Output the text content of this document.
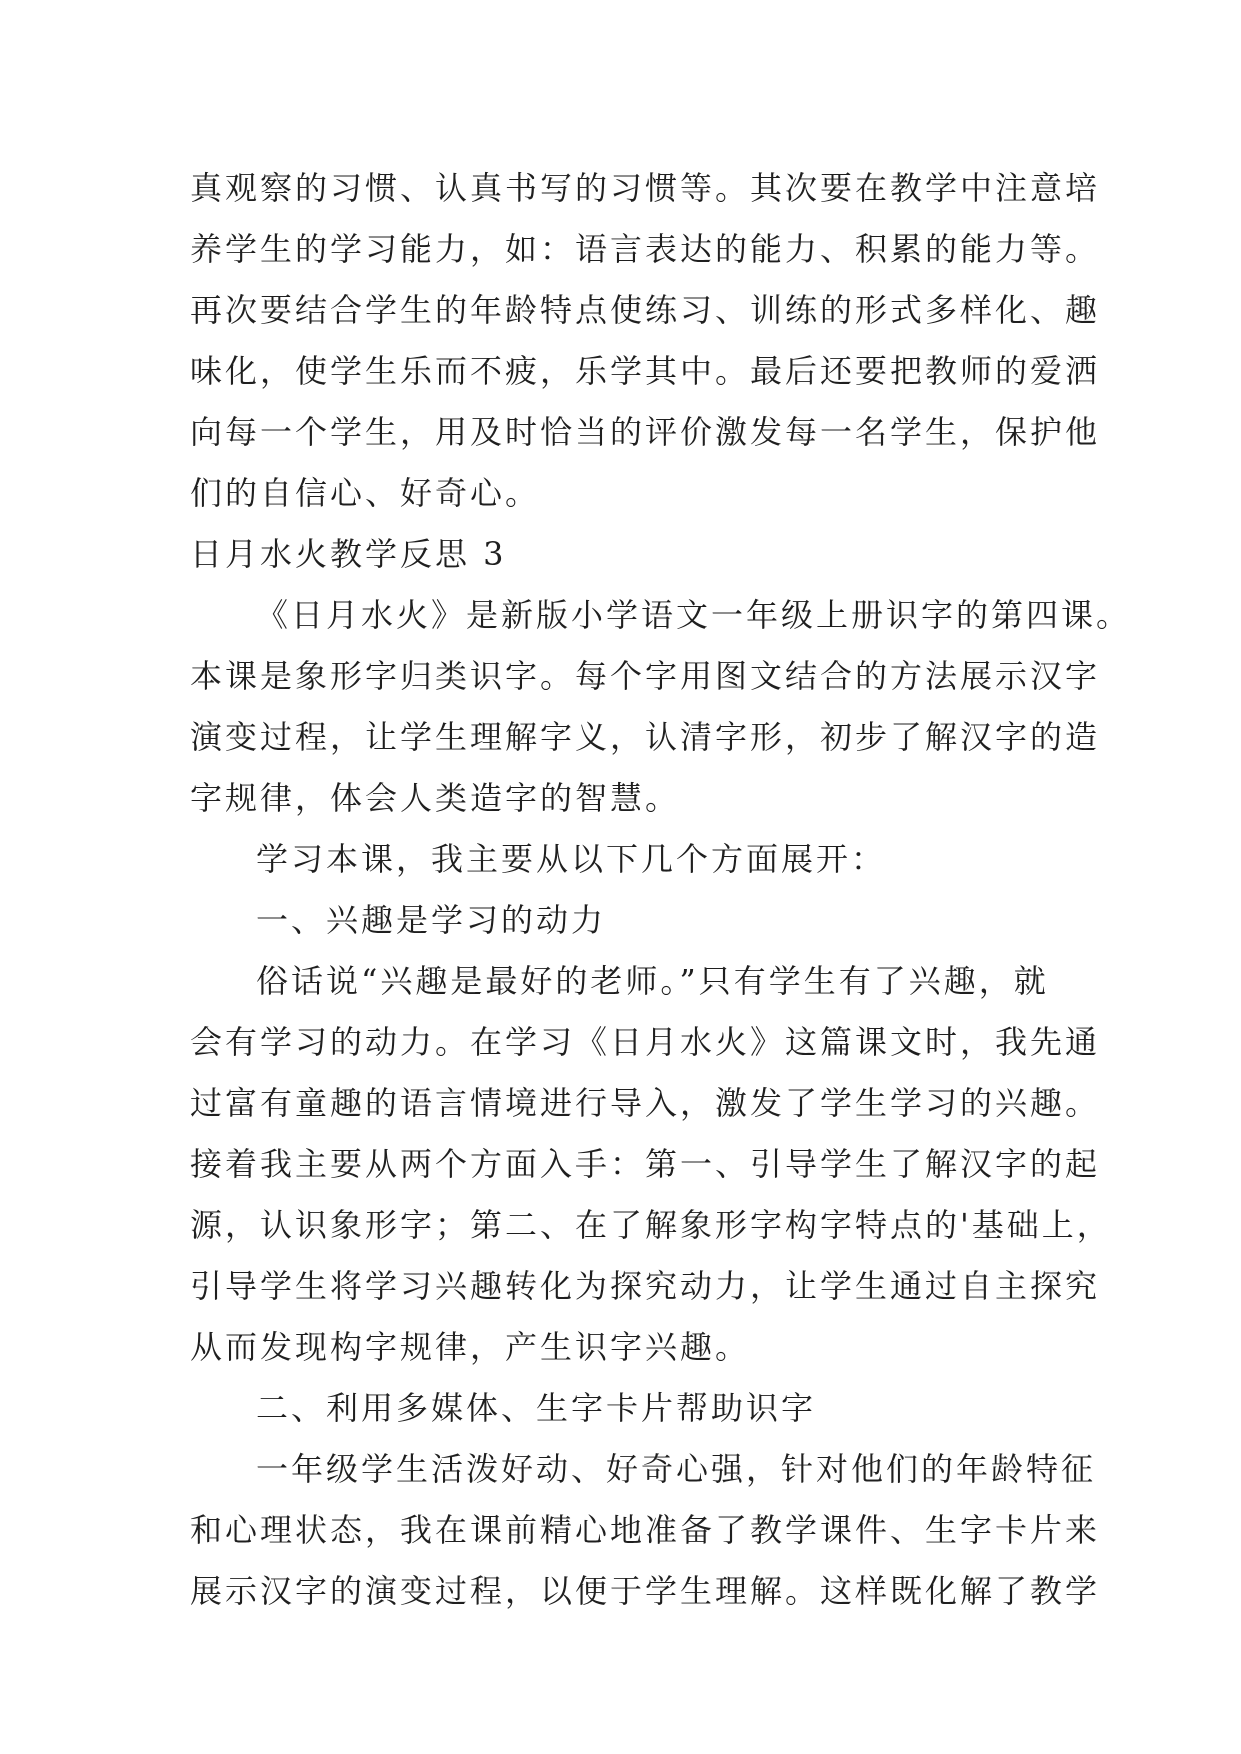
真观察的习惯、认真书写的习惯等。其次要在教学中注意培
养学生的学习能力，如：语言表达的能力、积累的能力等。
再次要结合学生的年龄特点使练习、训练的形式多样化、趣
味化，使学生乐而不疲，乐学其中。最后还要把教师的爱洒
向每一个学生，用及时恰当的评价激发每一名学生，保护他
们的自信心、好奇心。
日月水火教学反思 3
《日月水火》是新版小学语文一年级上册识字的第四课。
本课是象形字归类识字。每个字用图文结合的方法展示汉字
演变过程，让学生理解字义，认清字形，初步了解汉字的造
字规律，体会人类造字的智慧。
学习本课，我主要从以下几个方面展开：
一、兴趣是学习的动力
俗话说“兴趣是最好的老师。”只有学生有了兴趣，就
会有学习的动力。在学习《日月水火》这篇课文时，我先通
过富有童趣的语言情境进行导入，激发了学生学习的兴趣。
接着我主要从两个方面入手：第一、引导学生了解汉字的起
源，认识象形字；第二、在了解象形字构字特点的'基础上，
引导学生将学习兴趣转化为探究动力，让学生通过自主探究
从而发现构字规律，产生识字兴趣。
二、利用多媒体、生字卡片帮助识字
一年级学生活泼好动、好奇心强，针对他们的年龄特征
和心理状态，我在课前精心地准备了教学课件、生字卡片来
展示汉字的演变过程，以便于学生理解。这样既化解了教学
